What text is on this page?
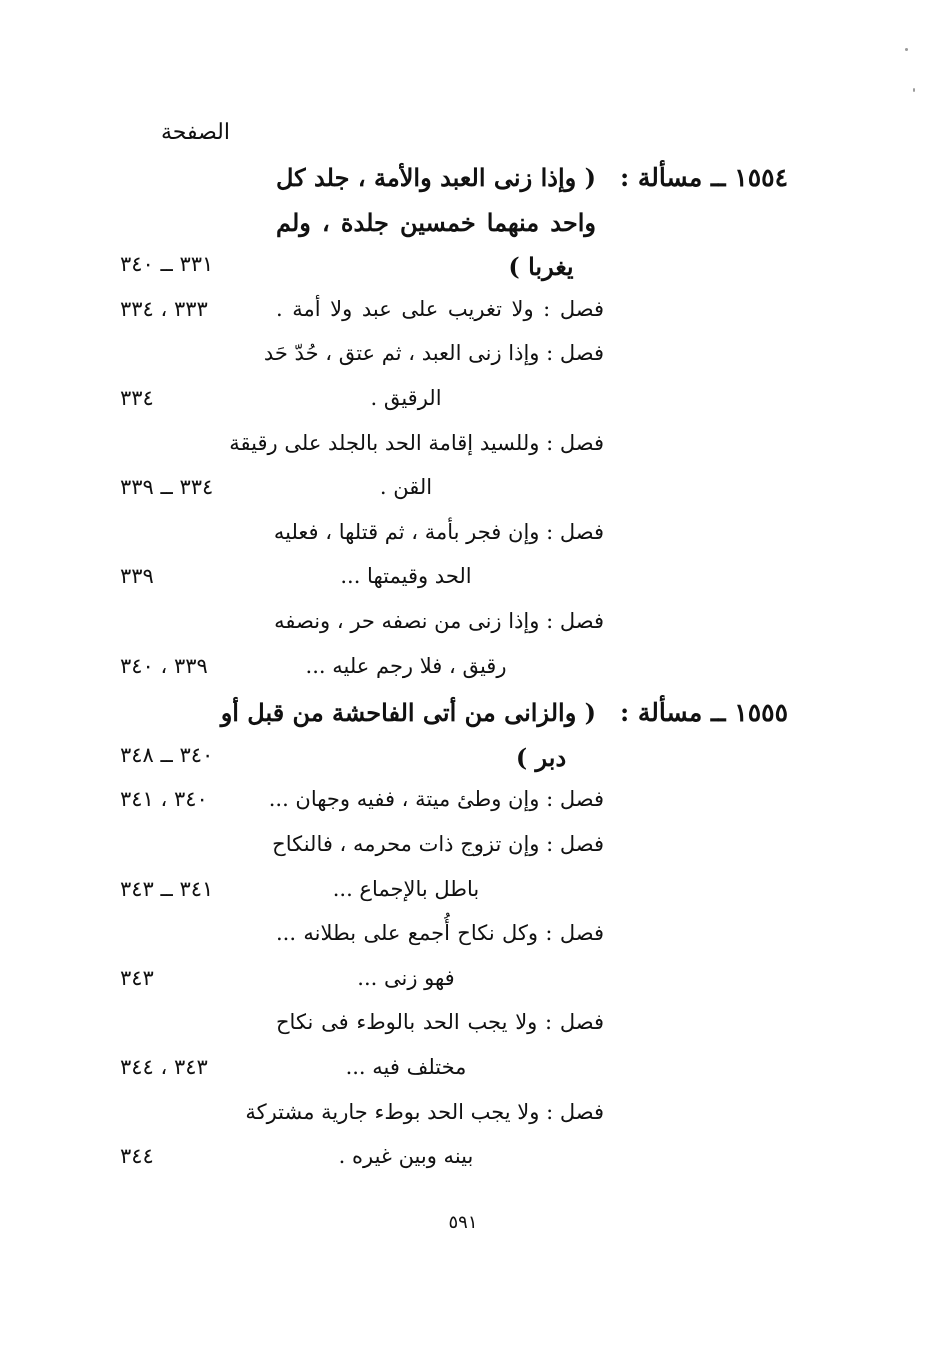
الصفحة
١٥٥٤ ــ مسألة :
( وإذا زنى العبد والأمة ، جلد كل
واحد منهما خمسين جلدة ، ولم
يغربا )
٣٣١ ــ ٣٤٠
فصل : ولا تغريب على عبد ولا أمة .
٣٣٣ ، ٣٣٤
فصل : وإذا زنى العبد ، ثم عتق ، حُدّ حَد
الرقيق .
٣٣٤
فصل : وللسيد إقامة الحد بالجلد على رقيقة
القن .
٣٣٤ ــ ٣٣٩
فصل : وإن فجر بأمة ، ثم قتلها ، فعليه
الحد وقيمتها ...
٣٣٩
فصل : وإذا زنى من نصفه حر ، ونصفه
رقيق ، فلا رجم عليه ...
٣٣٩ ، ٣٤٠
١٥٥٥ ــ مسألة :
( والزانى من أتى الفاحشة من قبل أو
دبر )
٣٤٠ ــ ٣٤٨
فصل : وإن وطئ ميتة ، ففيه وجهان ...
٣٤٠ ، ٣٤١
فصل : وإن تزوج ذات محرمه ، فالنكاح
باطل بالإجماع ...
٣٤١ ــ ٣٤٣
فصل : وكل نكاح أُجمع على بطلانه ...
فهو زنى ...
٣٤٣
فصل : ولا يجب الحد بالوطء فى نكاح
مختلف فيه ...
٣٤٣ ، ٣٤٤
فصل : ولا يجب الحد بوطء جارية مشتركة
بينه وبين غيره .
٣٤٤
٥٩١
